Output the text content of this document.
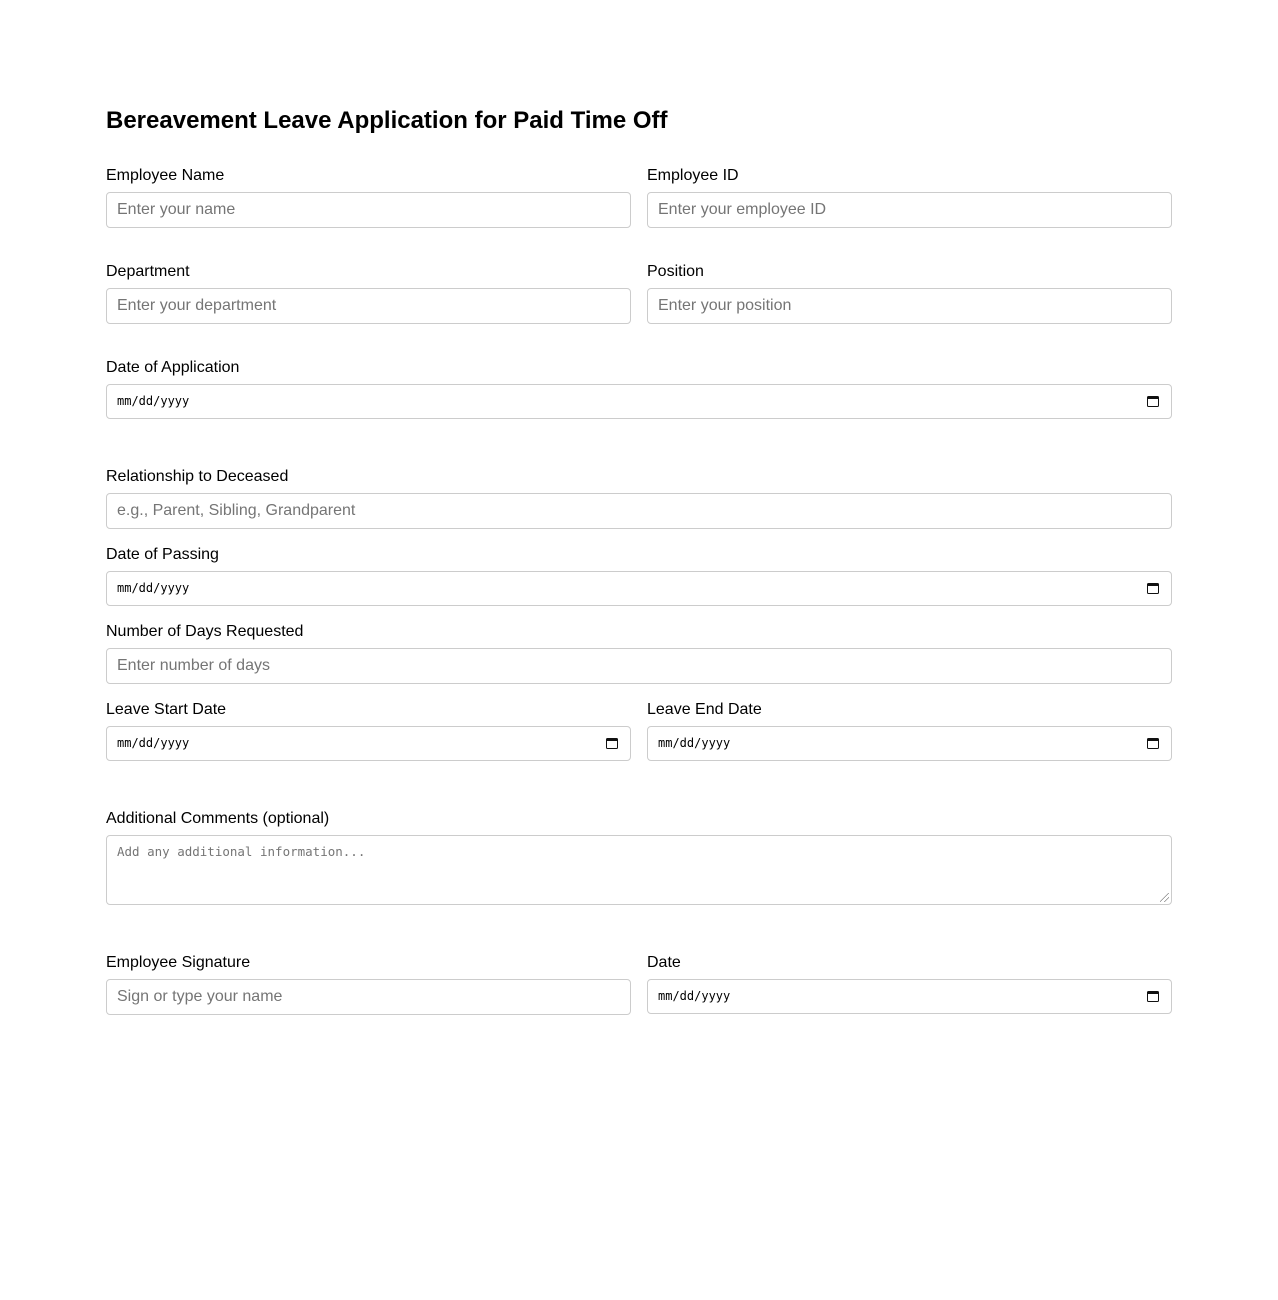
Bereavement Leave Application for Paid Time Off
Employee Name
Enter your name
Employee ID
Enter your employee ID
Department
Enter your department
Position
Enter your position
Date of Application
mm/dd/yyyy
Relationship to Deceased
e.g., Parent, Sibling, Grandparent
Date of Passing
mm/dd/yyyy
Number of Days Requested
Enter number of days
Leave Start Date
mm/dd/yyyy
Leave End Date
mm/dd/yyyy
Additional Comments (optional)
Add any additional information...
Employee Signature
Sign or type your name
Date
mm/dd/yyyy
